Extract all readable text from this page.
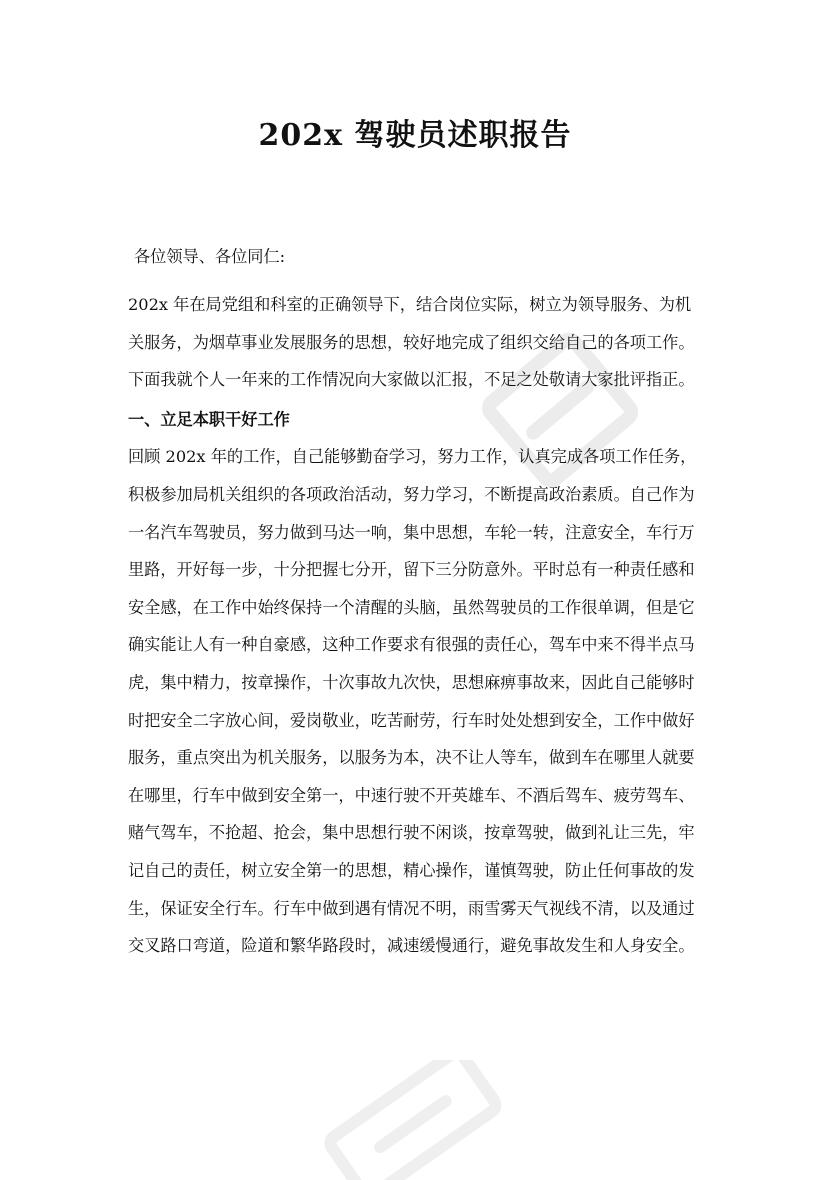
202x 驾驶员述职报告

各位领导、各位同仁:

202x 年在局党组和科室的正确领导下，结合岗位实际，树立为领导服务、为机
关服务，为烟草事业发展服务的思想，较好地完成了组织交给自己的各项工作。
下面我就个人一年来的工作情况向大家做以汇报，不足之处敬请大家批评指正。
一、立足本职干好工作
回顾 202x 年的工作，自己能够勤奋学习，努力工作，认真完成各项工作任务，
积极参加局机关组织的各项政治活动，努力学习，不断提高政治素质。自己作为
一名汽车驾驶员，努力做到马达一响，集中思想，车轮一转，注意安全，车行万
里路，开好每一步，十分把握七分开，留下三分防意外。平时总有一种责任感和
安全感，在工作中始终保持一个清醒的头脑，虽然驾驶员的工作很单调，但是它
确实能让人有一种自豪感，这种工作要求有很强的责任心，驾车中来不得半点马
虎，集中精力，按章操作，十次事故九次快，思想麻痹事故来，因此自己能够时
时把安全二字放心间，爱岗敬业，吃苦耐劳，行车时处处想到安全，工作中做好
服务，重点突出为机关服务，以服务为本，决不让人等车，做到车在哪里人就要
在哪里，行车中做到安全第一，中速行驶不开英雄车、不酒后驾车、疲劳驾车、
赌气驾车，不抢超、抢会，集中思想行驶不闲谈，按章驾驶，做到礼让三先，牢
记自己的责任，树立安全第一的思想，精心操作，谨慎驾驶，防止任何事故的发
生，保证安全行车。行车中做到遇有情况不明，雨雪雾天气视线不清，以及通过
交叉路口弯道，险道和繁华路段时，减速缓慢通行，避免事故发生和人身安全。
